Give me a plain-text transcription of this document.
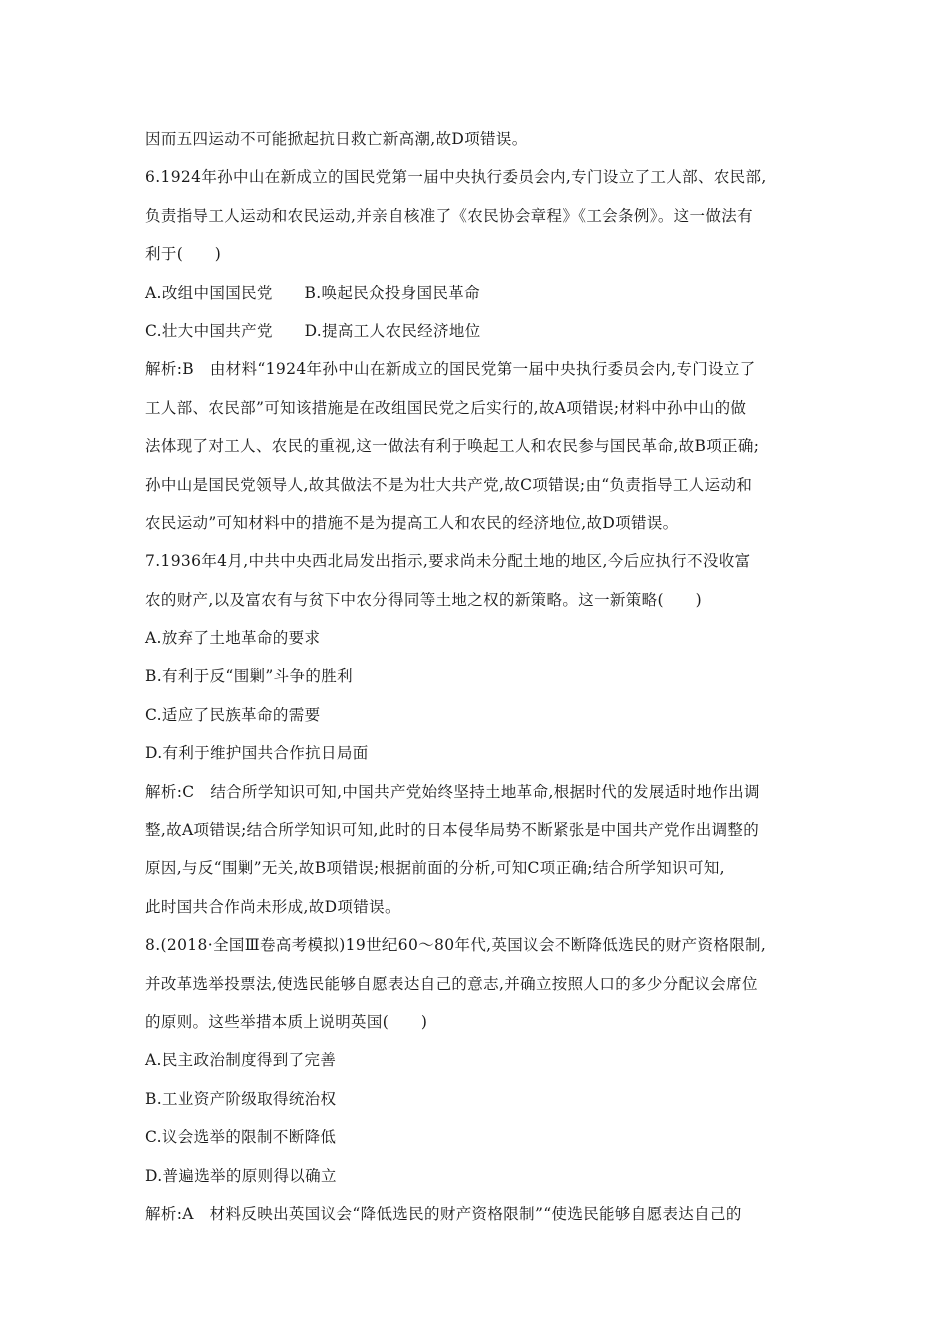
因而五四运动不可能掀起抗日救亡新高潮,故D项错误。
6.1924年孙中山在新成立的国民党第一届中央执行委员会内,专门设立了工人部、农民部,
负责指导工人运动和农民运动,并亲自核准了《农民协会章程》《工会条例》。这一做法有
利于(　　)
A.改组中国国民党　　B.唤起民众投身国民革命
C.壮大中国共产党　　D.提高工人农民经济地位
解析:B　由材料“1924年孙中山在新成立的国民党第一届中央执行委员会内,专门设立了
工人部、农民部”可知该措施是在改组国民党之后实行的,故A项错误;材料中孙中山的做
法体现了对工人、农民的重视,这一做法有利于唤起工人和农民参与国民革命,故B项正确;
孙中山是国民党领导人,故其做法不是为壮大共产党,故C项错误;由“负责指导工人运动和
农民运动”可知材料中的措施不是为提高工人和农民的经济地位,故D项错误。
7.1936年4月,中共中央西北局发出指示,要求尚未分配土地的地区,今后应执行不没收富
农的财产,以及富农有与贫下中农分得同等土地之权的新策略。这一新策略(　　)
A.放弃了土地革命的要求
B.有利于反“围剿”斗争的胜利
C.适应了民族革命的需要
D.有利于维护国共合作抗日局面
解析:C　结合所学知识可知,中国共产党始终坚持土地革命,根据时代的发展适时地作出调
整,故A项错误;结合所学知识可知,此时的日本侵华局势不断紧张是中国共产党作出调整的
原因,与反“围剿”无关,故B项错误;根据前面的分析,可知C项正确;结合所学知识可知,
此时国共合作尚未形成,故D项错误。
8.(2018·全国Ⅲ卷高考模拟)19世纪60～80年代,英国议会不断降低选民的财产资格限制,
并改革选举投票法,使选民能够自愿表达自己的意志,并确立按照人口的多少分配议会席位
的原则。这些举措本质上说明英国(　　)
A.民主政治制度得到了完善
B.工业资产阶级取得统治权
C.议会选举的限制不断降低
D.普遍选举的原则得以确立
解析:A　材料反映出英国议会“降低选民的财产资格限制”“使选民能够自愿表达自己的
